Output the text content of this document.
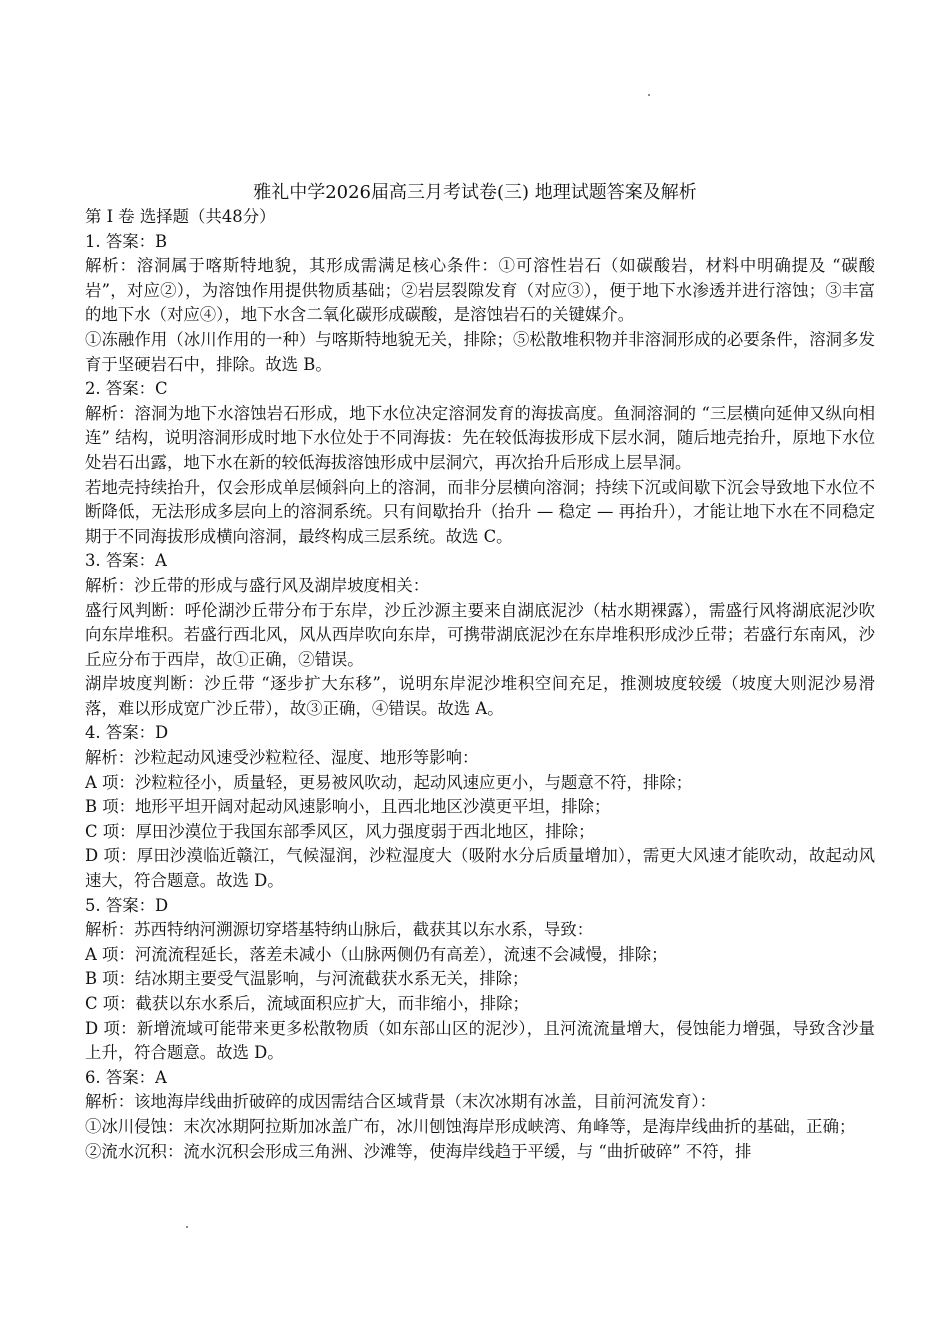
雅礼中学2026届高三月考试卷(三) 地理试题答案及解析

第 Ⅰ 卷 选择题（共48分）

1. 答案：B

解析：溶洞属于喀斯特地貌，其形成需满足核心条件：①可溶性岩石（如碳酸岩，材料中明确提及 “碳酸岩”，对应②），为溶蚀作用提供物质基础；②岩层裂隙发育（对应③），便于地下水渗透并进行溶蚀；③丰富的地下水（对应④），地下水含二氧化碳形成碳酸，是溶蚀岩石的关键媒介。

①冻融作用（冰川作用的一种）与喀斯特地貌无关，排除；⑤松散堆积物并非溶洞形成的必要条件，溶洞多发育于坚硬岩石中，排除。故选 B。

2. 答案：C

解析：溶洞为地下水溶蚀岩石形成，地下水位决定溶洞发育的海拔高度。鱼洞溶洞的 “三层横向延伸又纵向相连” 结构，说明溶洞形成时地下水位处于不同海拔：先在较低海拔形成下层水洞，随后地壳抬升，原地下水位处岩石出露，地下水在新的较低海拔溶蚀形成中层洞穴，再次抬升后形成上层旱洞。

若地壳持续抬升，仅会形成单层倾斜向上的溶洞，而非分层横向溶洞；持续下沉或间歇下沉会导致地下水位不断降低，无法形成多层向上的溶洞系统。只有间歇抬升（抬升 — 稳定 — 再抬升），才能让地下水在不同稳定期于不同海拔形成横向溶洞，最终构成三层系统。故选 C。

3. 答案：A

解析：沙丘带的形成与盛行风及湖岸坡度相关：

盛行风判断：呼伦湖沙丘带分布于东岸，沙丘沙源主要来自湖底泥沙（枯水期裸露），需盛行风将湖底泥沙吹向东岸堆积。若盛行西北风，风从西岸吹向东岸，可携带湖底泥沙在东岸堆积形成沙丘带；若盛行东南风，沙丘应分布于西岸，故①正确，②错误。

湖岸坡度判断：沙丘带 “逐步扩大东移”，说明东岸泥沙堆积空间充足，推测坡度较缓（坡度大则泥沙易滑落，难以形成宽广沙丘带），故③正确，④错误。故选 A。

4. 答案：D

解析：沙粒起动风速受沙粒粒径、湿度、地形等影响：

A 项：沙粒粒径小，质量轻，更易被风吹动，起动风速应更小，与题意不符，排除；

B 项：地形平坦开阔对起动风速影响小，且西北地区沙漠更平坦，排除；

C 项：厚田沙漠位于我国东部季风区，风力强度弱于西北地区，排除；

D 项：厚田沙漠临近赣江，气候湿润，沙粒湿度大（吸附水分后质量增加），需更大风速才能吹动，故起动风速大，符合题意。故选 D。

5. 答案：D

解析：苏西特纳河溯源切穿塔基特纳山脉后，截获其以东水系，导致：

A 项：河流流程延长，落差未减小（山脉两侧仍有高差），流速不会减慢，排除；

B 项：结冰期主要受气温影响，与河流截获水系无关，排除；

C 项：截获以东水系后，流域面积应扩大，而非缩小，排除；

D 项：新增流域可能带来更多松散物质（如东部山区的泥沙），且河流流量增大，侵蚀能力增强，导致含沙量上升，符合题意。故选 D。

6. 答案：A

解析：该地海岸线曲折破碎的成因需结合区域背景（末次冰期有冰盖，目前河流发育）：

①冰川侵蚀：末次冰期阿拉斯加冰盖广布，冰川刨蚀海岸形成峡湾、角峰等，是海岸线曲折的基础，正确；

②流水沉积：流水沉积会形成三角洲、沙滩等，使海岸线趋于平缓，与 “曲折破碎” 不符，排
